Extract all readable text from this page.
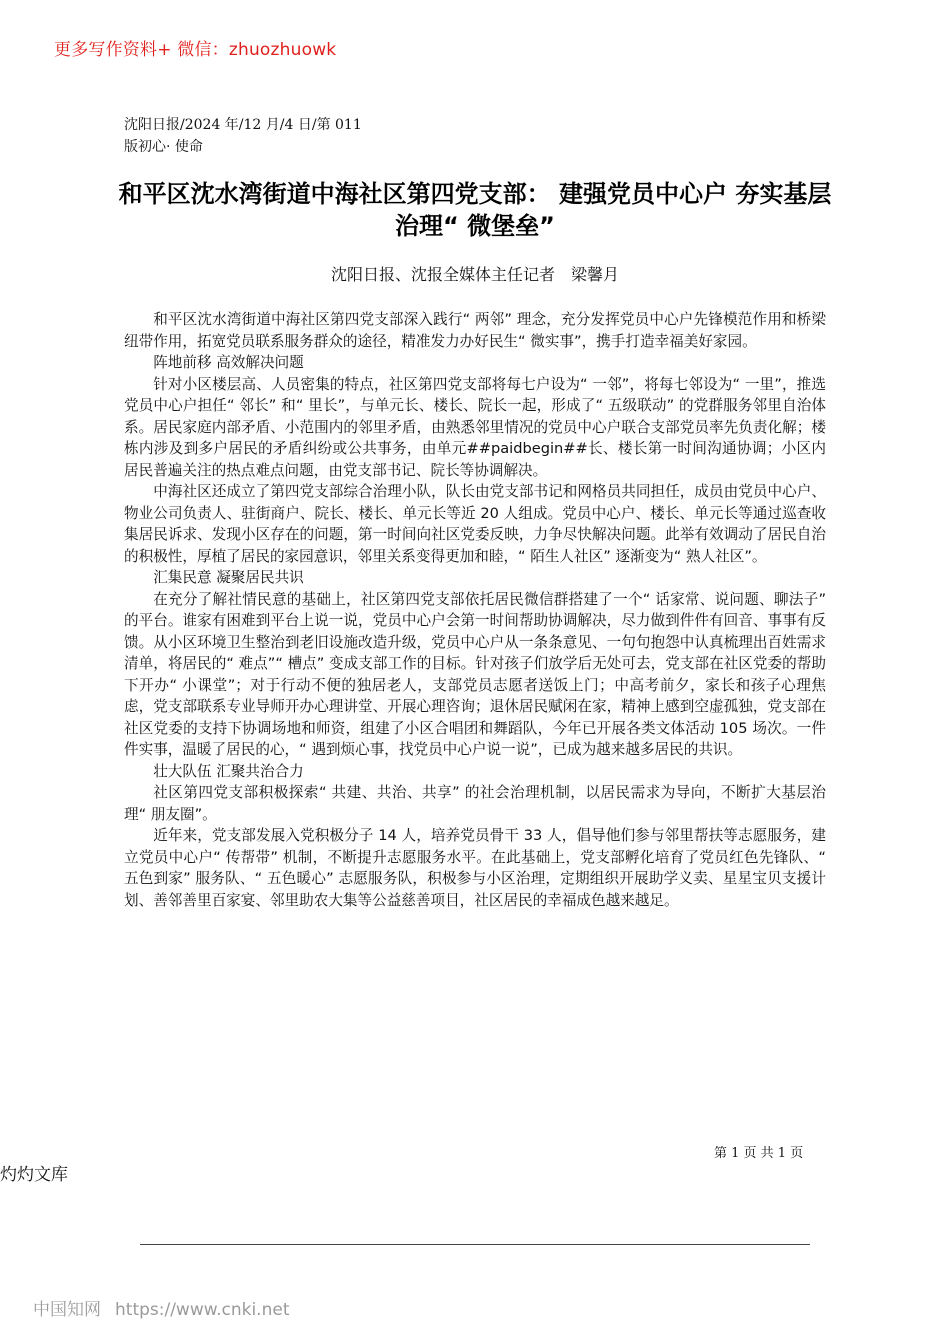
更多写作资料+ 微信：zhuozhuowk
沈阳日报/2024 年/12 月/4 日/第 011
版初心· 使命
和平区沈水湾街道中海社区第四党支部： 建强党员中心户 夯实基层治理“ 微堡垒”
沈阳日报、沈报全媒体主任记者　梁馨月

和平区沈水湾街道中海社区第四党支部深入践行“ 两邻” 理念，充分发挥党员中心户先锋模范作用和桥梁纽带作用，拓宽党员联系服务群众的途径，精准发力办好民生“ 微实事”，携手打造幸福美好家园。

阵地前移 高效解决问题

针对小区楼层高、人员密集的特点，社区第四党支部将每七户设为“ 一邻”，将每七邻设为“ 一里”，推选党员中心户担任“ 邻长” 和“ 里长”，与单元长、楼长、院长一起，形成了“ 五级联动” 的党群服务邻里自治体系。居民家庭内部矛盾、小范围内的邻里矛盾，由熟悉邻里情况的党员中心户联合支部党员率先负责化解；楼栋内涉及到多户居民的矛盾纠纷或公共事务，由单元##paidbegin##长、楼长第一时间沟通协调；小区内居民普遍关注的热点难点问题，由党支部书记、院长等协调解决。

中海社区还成立了第四党支部综合治理小队，队长由党支部书记和网格员共同担任，成员由党员中心户、物业公司负责人、驻街商户、院长、楼长、单元长等近 20 人组成。党员中心户、楼长、单元长等通过巡查收集居民诉求、发现小区存在的问题，第一时间向社区党委反映，力争尽快解决问题。此举有效调动了居民自治的积极性，厚植了居民的家园意识，邻里关系变得更加和睦，“ 陌生人社区” 逐渐变为“ 熟人社区”。

汇集民意 凝聚居民共识

在充分了解社情民意的基础上，社区第四党支部依托居民微信群搭建了一个“ 话家常、说问题、聊法子” 的平台。谁家有困难到平台上说一说，党员中心户会第一时间帮助协调解决，尽力做到件件有回音、事事有反馈。从小区环境卫生整治到老旧设施改造升级，党员中心户从一条条意见、一句句抱怨中认真梳理出百姓需求清单，将居民的“ 难点”“ 槽点” 变成支部工作的目标。针对孩子们放学后无处可去，党支部在社区党委的帮助下开办“ 小课堂”；对于行动不便的独居老人，支部党员志愿者送饭上门；中高考前夕，家长和孩子心理焦虑，党支部联系专业导师开办心理讲堂、开展心理咨询；退休居民赋闲在家，精神上感到空虚孤独，党支部在社区党委的支持下协调场地和师资，组建了小区合唱团和舞蹈队，今年已开展各类文体活动 105 场次。一件件实事，温暖了居民的心，“ 遇到烦心事，找党员中心户说一说”，已成为越来越多居民的共识。

壮大队伍 汇聚共治合力

社区第四党支部积极探索“ 共建、共治、共享” 的社会治理机制，以居民需求为导向，不断扩大基层治理“ 朋友圈”。

近年来，党支部发展入党积极分子 14 人，培养党员骨干 33 人，倡导他们参与邻里帮扶等志愿服务，建立党员中心户“ 传帮带” 机制，不断提升志愿服务水平。在此基础上，党支部孵化培育了党员红色先锋队、“ 五色到家” 服务队、“ 五色暖心” 志愿服务队，积极参与小区治理，定期组织开展助学义卖、星星宝贝支援计划、善邻善里百家宴、邻里助农大集等公益慈善项目，社区居民的幸福成色越来越足。

第 1 页 共 1 页
灼灼文库
中国知网 https://www.cnki.net
